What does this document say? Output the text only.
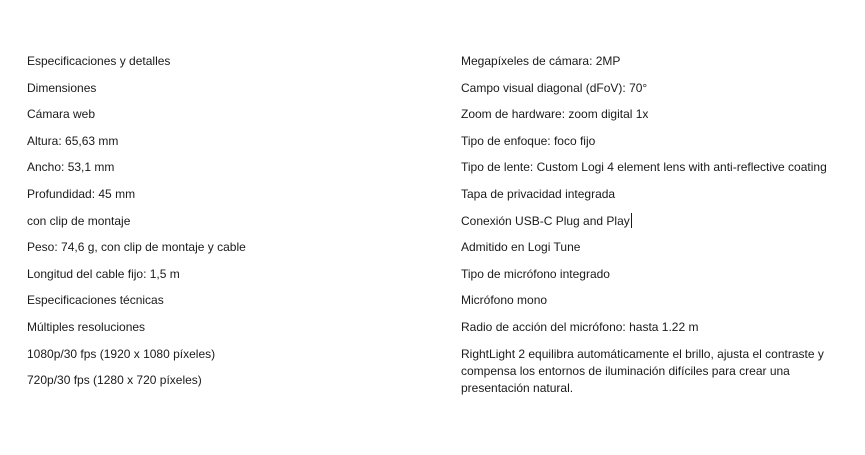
Especificaciones y detalles
Dimensiones
Cámara web
Altura: 65,63 mm
Ancho: 53,1 mm
Profundidad: 45 mm
con clip de montaje
Peso: 74,6 g, con clip de montaje y cable
Longitud del cable fijo: 1,5 m
Especificaciones técnicas
Múltiples resoluciones
1080p/30 fps (1920 x 1080 píxeles)
720p/30 fps (1280 x 720 píxeles)
Megapíxeles de cámara: 2MP
Campo visual diagonal (dFoV): 70°
Zoom de hardware: zoom digital 1x
Tipo de enfoque: foco fijo
Tipo de lente: Custom Logi 4 element lens with anti-reflective coating
Tapa de privacidad integrada
Conexión USB-C Plug and Play
Admitido en Logi Tune
Tipo de micrófono integrado
Micrófono mono
Radio de acción del micrófono: hasta 1.22 m
RightLight 2 equilibra automáticamente el brillo, ajusta el contraste y compensa los entornos de iluminación difíciles para crear una presentación natural.
